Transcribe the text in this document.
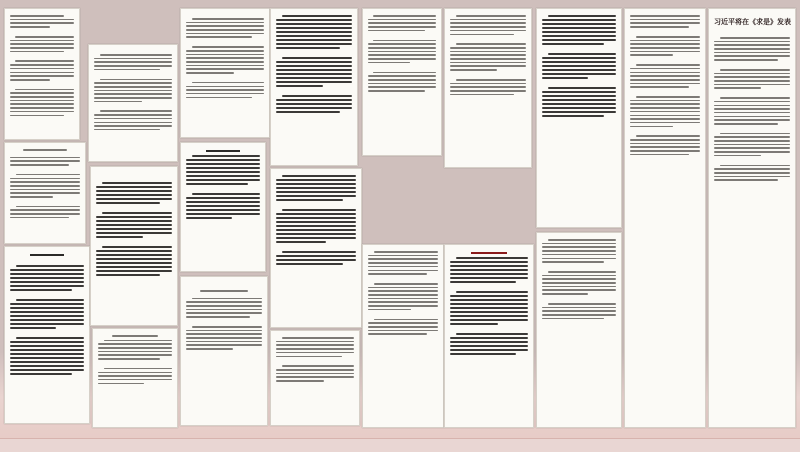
习近平将在《求是》发表
